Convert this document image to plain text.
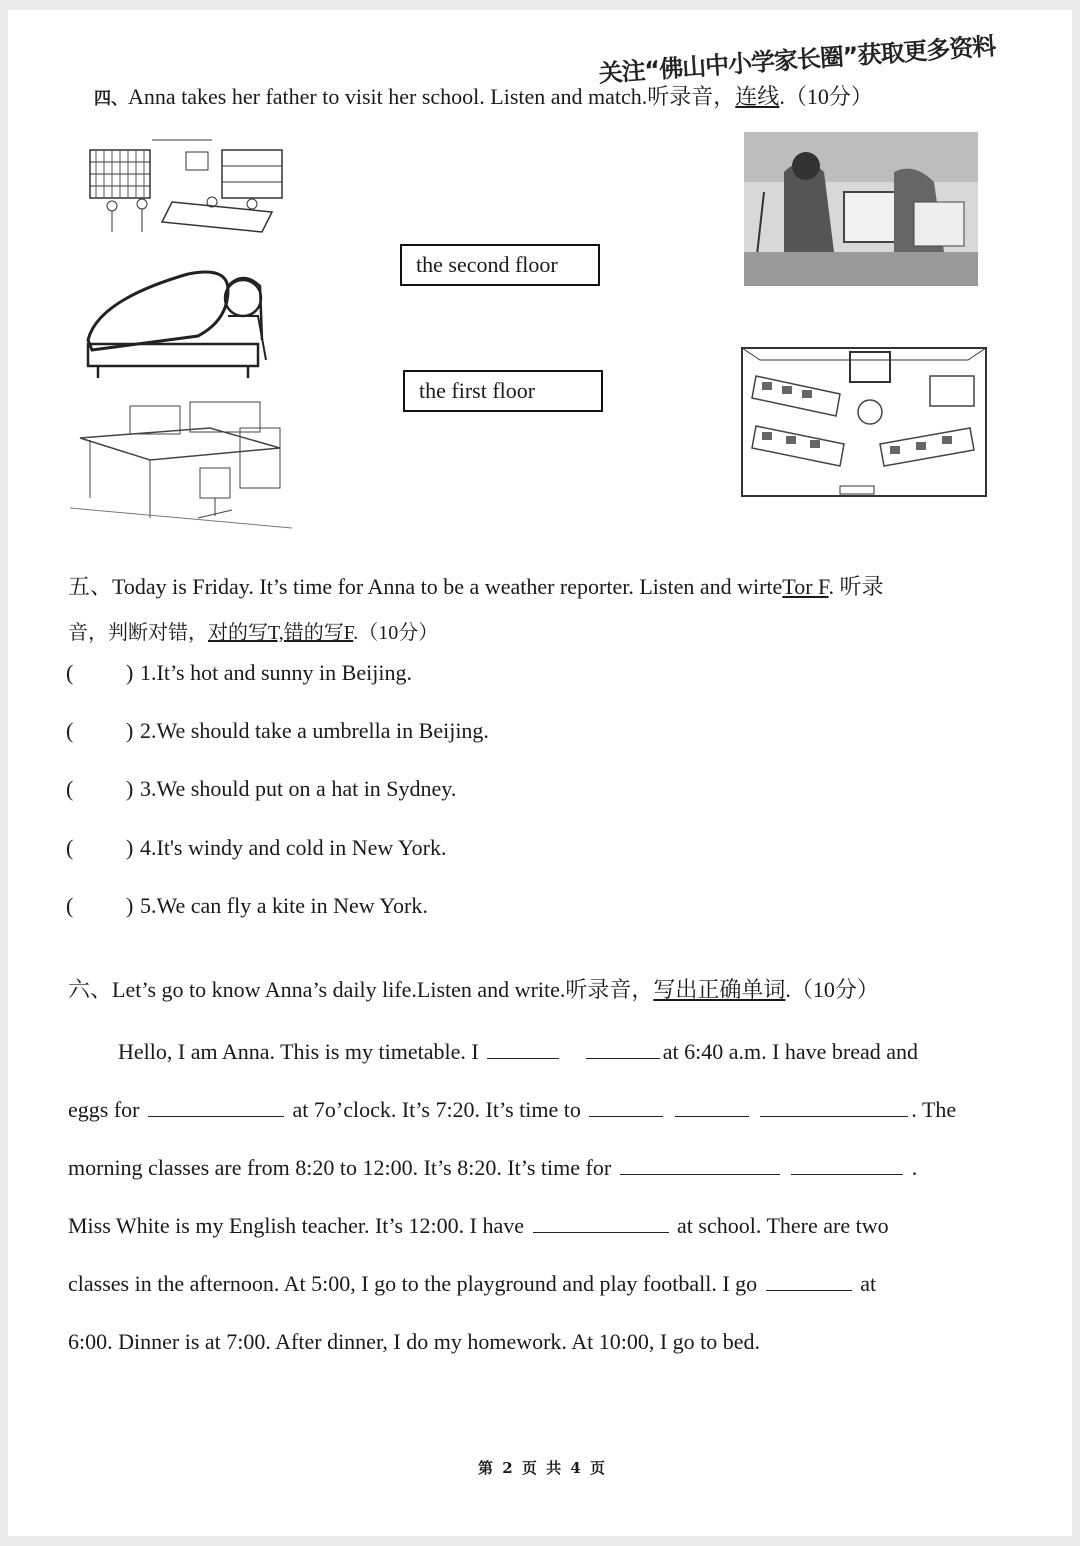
关注“佛山中小学家长圈”获取更多资料
四、Anna takes her father to visit her school. Listen and match.听录音，连线.（10分）
the second floor
the first floor
五、Today is Friday. It’s time for Anna to be a weather reporter. Listen and wirteTor F. 听录
音，判断对错，对的写T,错的写F.（10分）
( ) 1.It’s hot and sunny in Beijing.
( ) 2.We should take a umbrella in Beijing.
( ) 3.We should put on a hat in Sydney.
( ) 4.It's windy and cold in New York.
( ) 5.We can fly a kite in New York.
六、Let’s go to know Anna’s daily life.Listen and write.听录音，写出正确单词.（10分）
Hello, I am Anna. This is my timetable. I	at 6:40 a.m. I have bread and
eggs for	at 7o’clock. It’s 7:20. It’s time to	. The
morning classes are from 8:20 to 12:00. It’s 8:20. It’s time for	.
Miss White is my English teacher. It’s 12:00. I have	at school. There are two
classes in the afternoon. At 5:00, I go to the playground and play football. I go	at
6:00. Dinner is at 7:00. After dinner, I do my homework. At 10:00, I go to bed.
第 2 页 共 4 页
